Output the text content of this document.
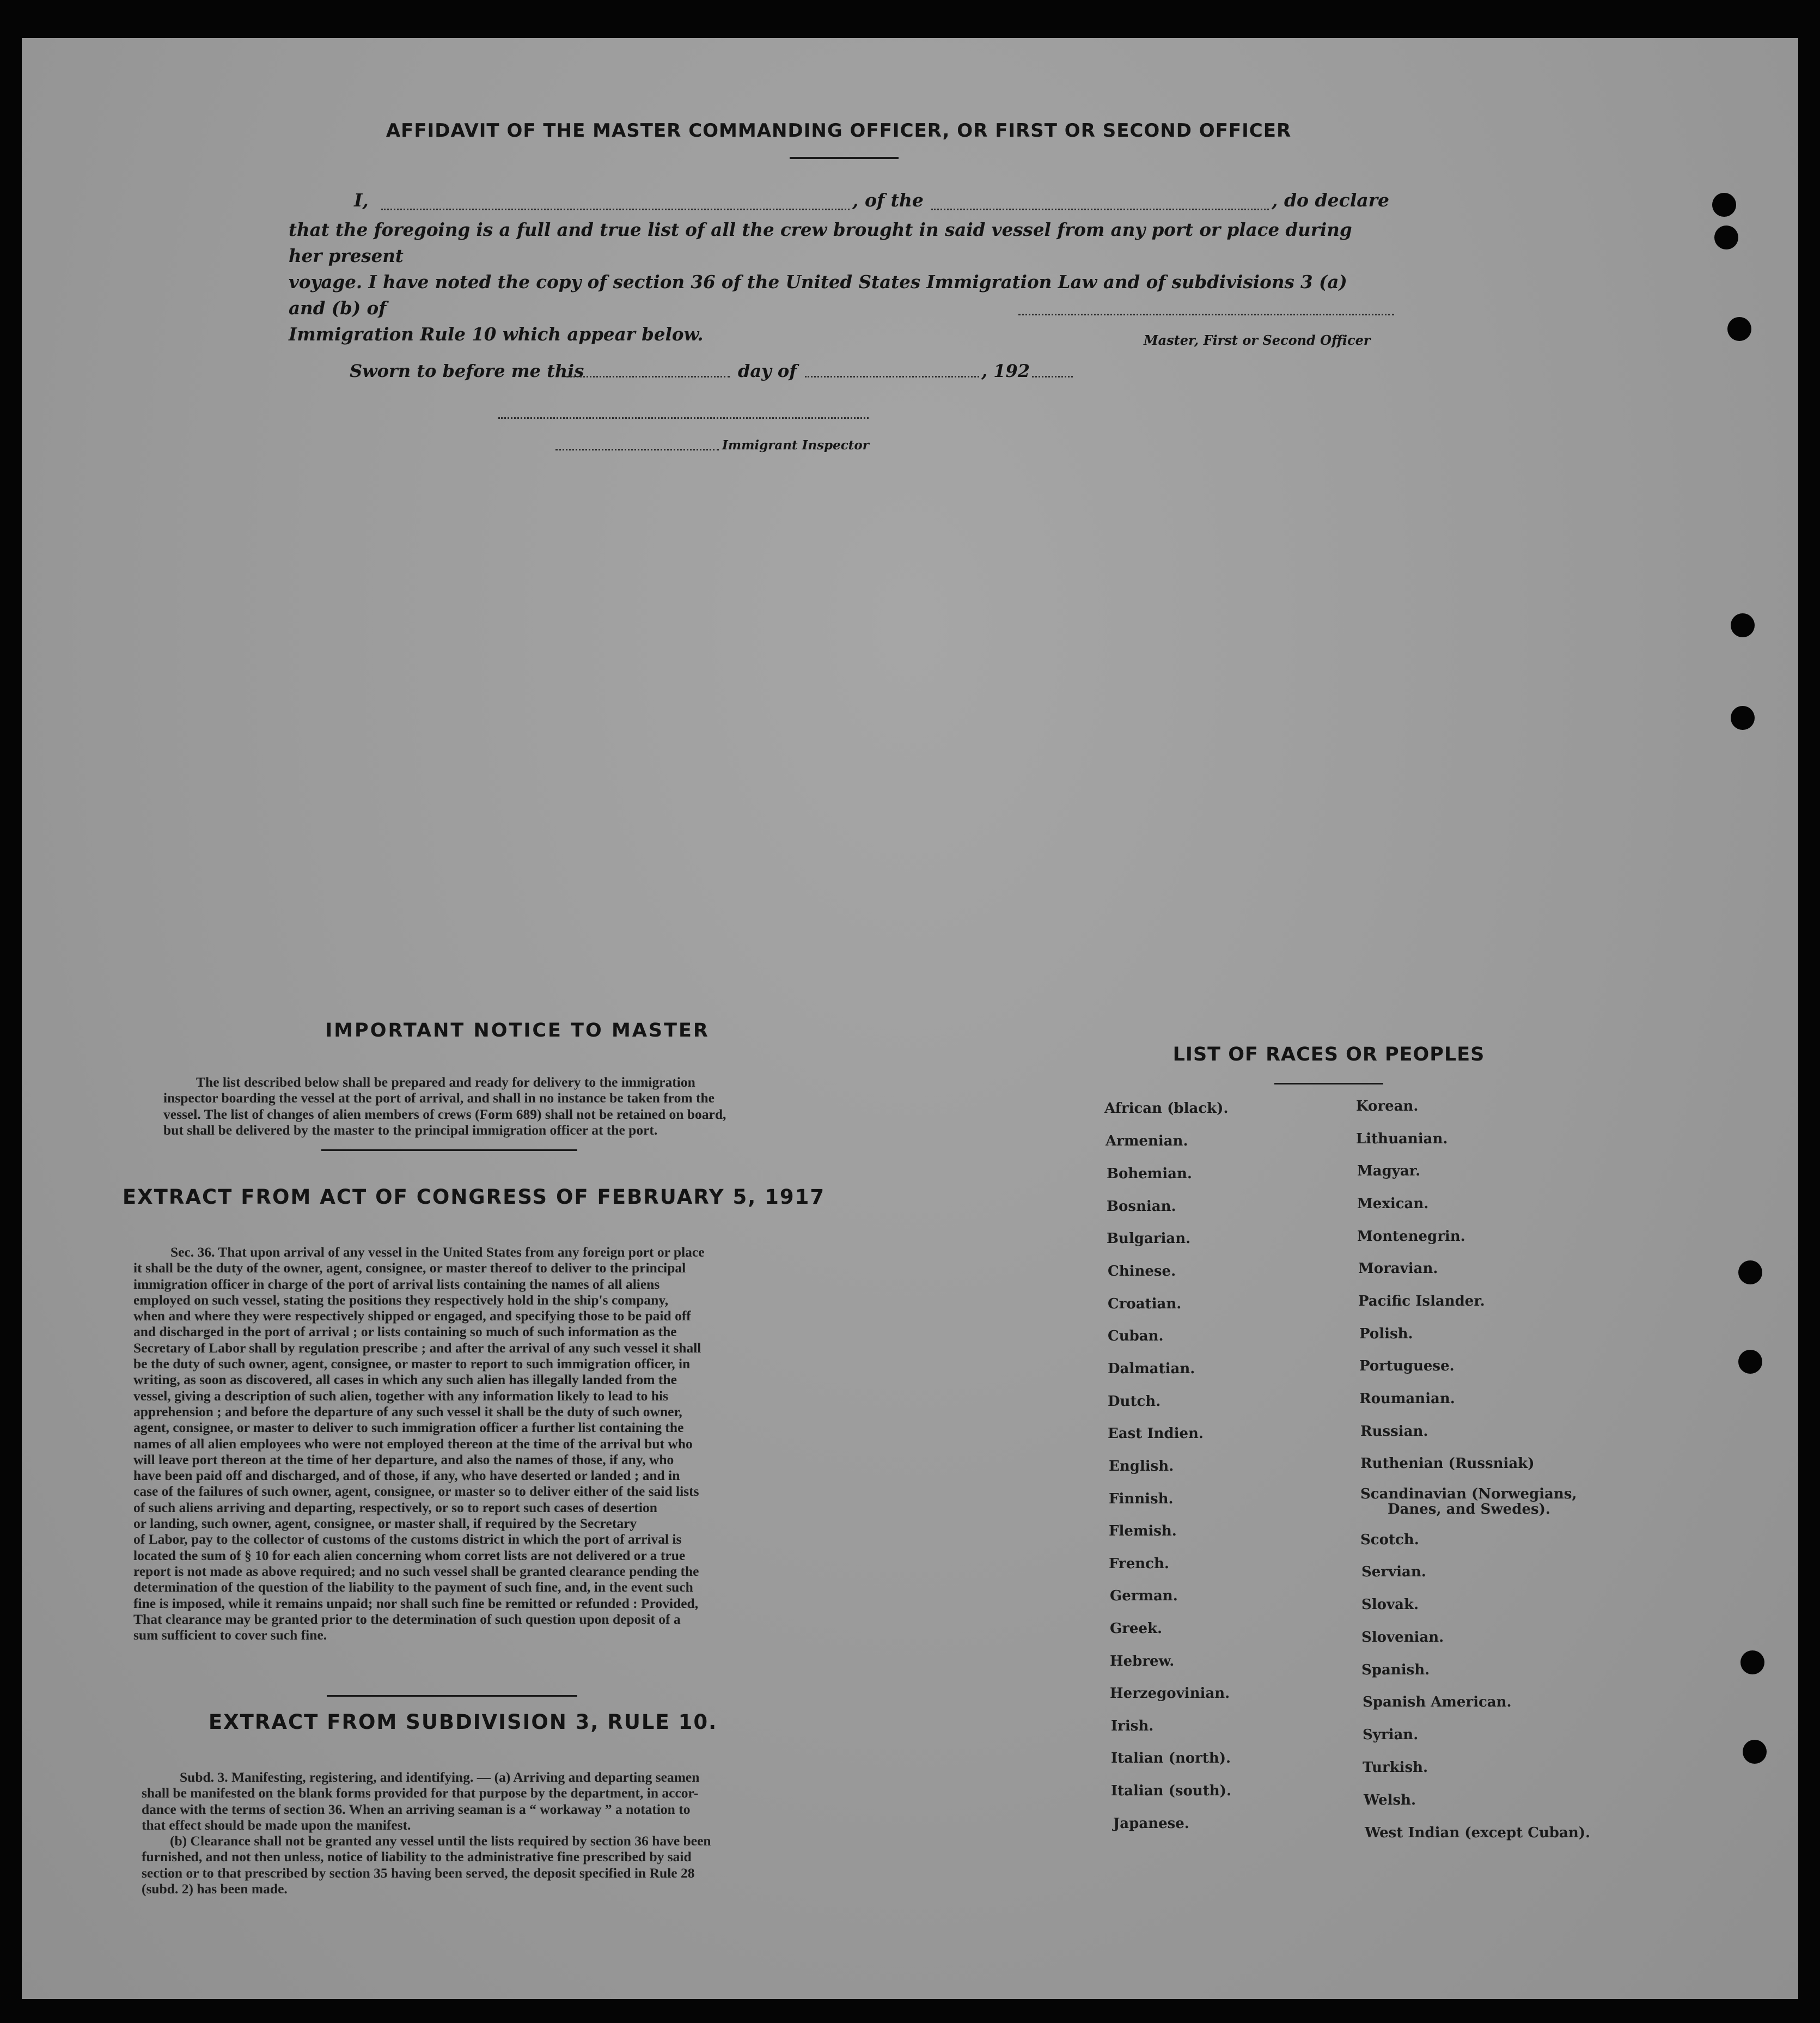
AFFIDAVIT OF THE MASTER COMMANDING OFFICER, OR FIRST OR SECOND OFFICER
I,	, of the	, do declare
that the foregoing is a full and true list of all the crew brought in said vessel from any port or place during her present
voyage. I have noted the copy of section 36 of the United States Immigration Law and of subdivisions 3 (a) and (b) of
Immigration Rule 10 which appear below.	Master, First or Second Officer
Sworn to before me this	day of	, 192
Immigrant Inspector
IMPORTANT NOTICE TO MASTER
The list described below shall be prepared and ready for delivery to the immigration
inspector boarding the vessel at the port of arrival, and shall in no instance be taken from the
vessel. The list of changes of alien members of crews (Form 689) shall not be retained on board,
but shall be delivered by the master to the principal immigration officer at the port.
EXTRACT FROM ACT OF CONGRESS OF FEBRUARY 5, 1917
Sec. 36. That upon arrival of any vessel in the United States from any foreign port or place
it shall be the duty of the owner, agent, consignee, or master thereof to deliver to the principal
immigration officer in charge of the port of arrival lists containing the names of all aliens
employed on such vessel, stating the positions they respectively hold in the ship's company,
when and where they were respectively shipped or engaged, and specifying those to be paid off
and discharged in the port of arrival ; or lists containing so much of such information as the
Secretary of Labor shall by regulation prescribe ; and after the arrival of any such vessel it shall
be the duty of such owner, agent, consignee, or master to report to such immigration officer, in
writing, as soon as discovered, all cases in which any such alien has illegally landed from the
vessel, giving a description of such alien, together with any information likely to lead to his
apprehension ; and before the departure of any such vessel it shall be the duty of such owner,
agent, consignee, or master to deliver to such immigration officer a further list containing the
names of all alien employees who were not employed thereon at the time of the arrival but who
will leave port thereon at the time of her departure, and also the names of those, if any, who
have been paid off and discharged, and of those, if any, who have deserted or landed ; and in
case of the failures of such owner, agent, consignee, or master so to deliver either of the said lists
of such aliens arriving and departing, respectively, or so to report such cases of desertion
or landing, such owner, agent, consignee, or master shall, if required by the Secretary
of Labor, pay to the collector of customs of the customs district in which the port of arrival is
located the sum of § 10 for each alien concerning whom corret lists are not delivered or a true
report is not made as above required; and no such vessel shall be granted clearance pending the
determination of the question of the liability to the payment of such fine, and, in the event such
fine is imposed, while it remains unpaid; nor shall such fine be remitted or refunded : Provided,
That clearance may be granted prior to the determination of such question upon deposit of a
sum sufficient to cover such fine.
EXTRACT FROM SUBDIVISION 3, RULE 10.
Subd. 3. Manifesting, registering, and identifying. — (a) Arriving and departing seamen
shall be manifested on the blank forms provided for that purpose by the department, in accor-
dance with the terms of section 36. When an arriving seaman is a “ workaway ” a notation to
that effect should be made upon the manifest.
(b) Clearance shall not be granted any vessel until the lists required by section 36 have been
furnished, and not then unless, notice of liability to the administrative fine prescribed by said
section or to that prescribed by section 35 having been served, the deposit specified in Rule 28
(subd. 2) has been made.
LIST OF RACES OR PEOPLES
African (black).
Armenian.
Bohemian.
Bosnian.
Bulgarian.
Chinese.
Croatian.
Cuban.
Dalmatian.
Dutch.
East Indien.
English.
Finnish.
Flemish.
French.
German.
Greek.
Hebrew.
Herzegovinian.
Irish.
Italian (north).
Italian (south).
Japanese.
Korean.
Lithuanian.
Magyar.
Mexican.
Montenegrin.
Moravian.
Pacific Islander.
Polish.
Portuguese.
Roumanian.
Russian.
Ruthenian (Russniak)
Scandinavian (Norwegians,
Danes, and Swedes).
Scotch.
Servian.
Slovak.
Slovenian.
Spanish.
Spanish American.
Syrian.
Turkish.
Welsh.
West Indian (except Cuban).
